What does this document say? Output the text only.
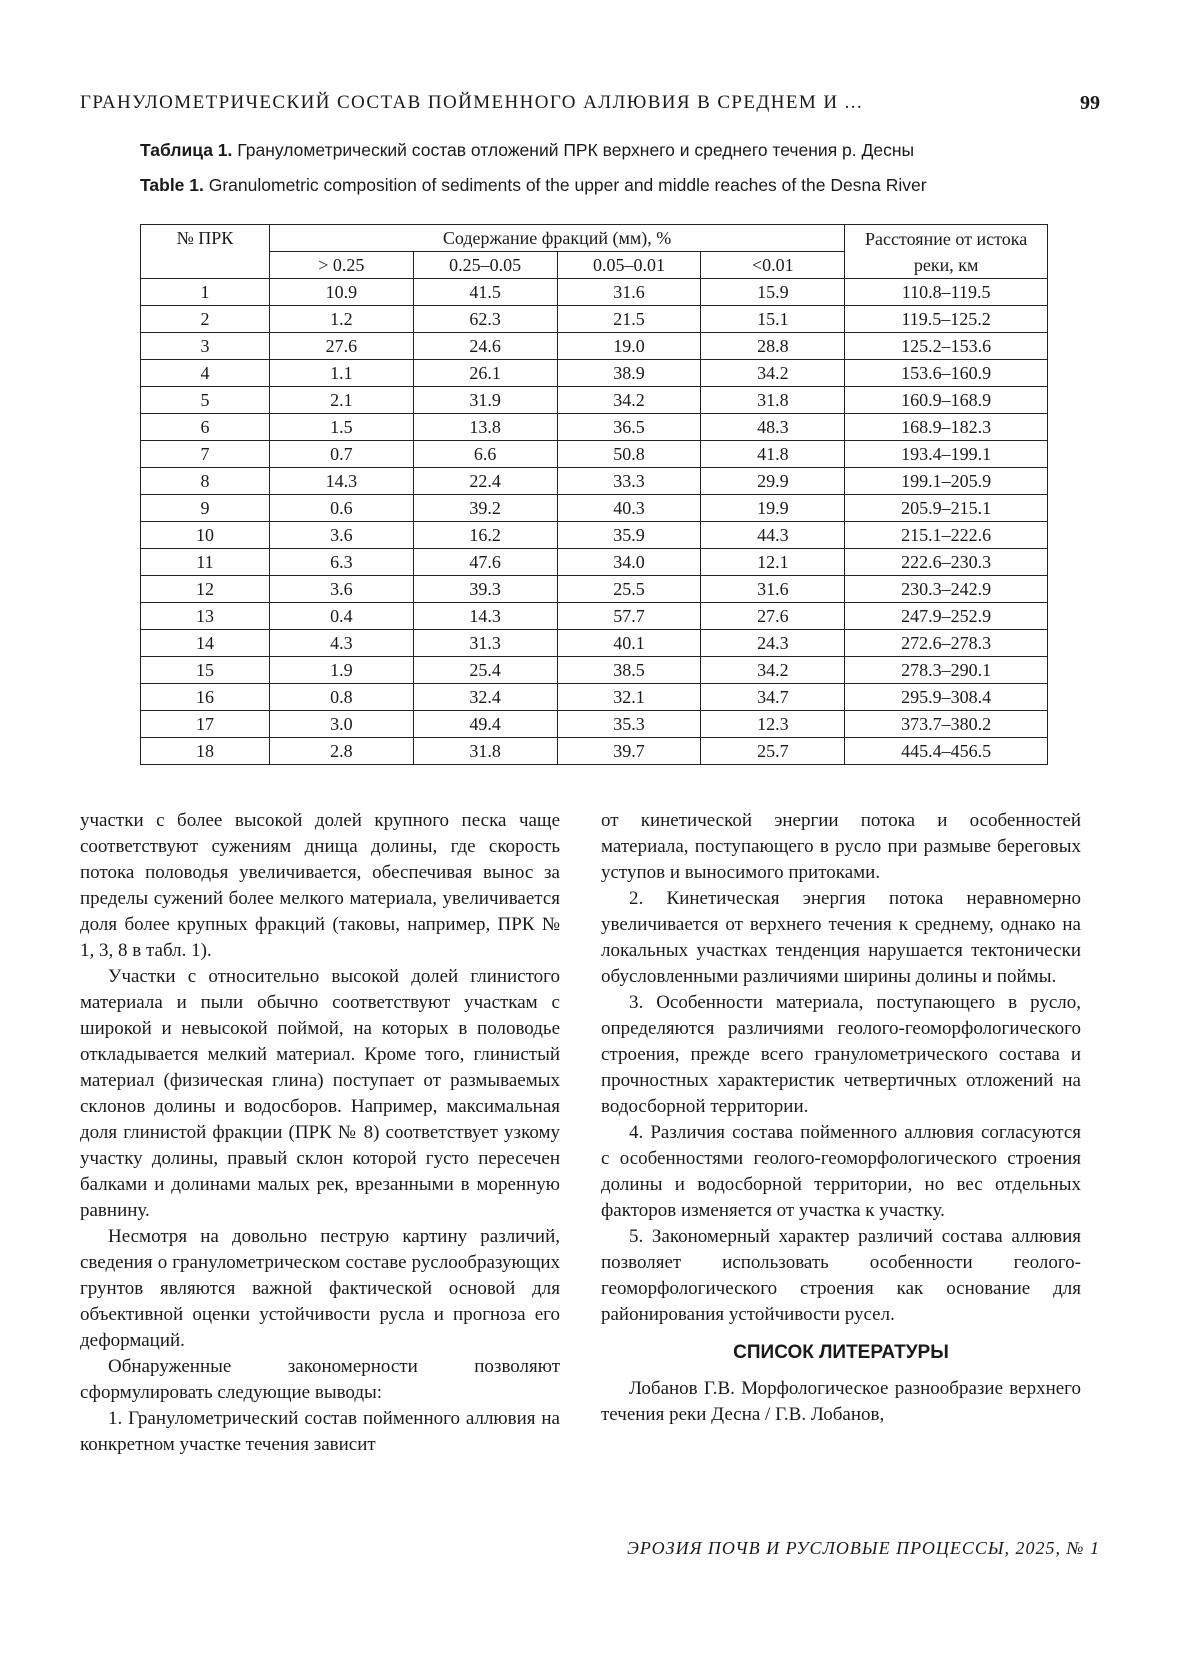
ГРАНУЛОМЕТРИЧЕСКИЙ СОСТАВ ПОЙМЕННОГО АЛЛЮВИЯ В СРЕДНЕМ И ...	99
Таблица 1. Гранулометрический состав отложений ПРК верхнего и среднего течения р. Десны
Table 1. Granulometric composition of sediments of the upper and middle reaches of the Desna River
№ ПРК	Содержание фракций (мм), %				Расстояние от истока реки, км
	> 0.25	0.25–0.05	0.05–0.01	<0.01	
1	10.9	41.5	31.6	15.9	110.8–119.5
2	1.2	62.3	21.5	15.1	119.5–125.2
3	27.6	24.6	19.0	28.8	125.2–153.6
4	1.1	26.1	38.9	34.2	153.6–160.9
5	2.1	31.9	34.2	31.8	160.9–168.9
6	1.5	13.8	36.5	48.3	168.9–182.3
7	0.7	6.6	50.8	41.8	193.4–199.1
8	14.3	22.4	33.3	29.9	199.1–205.9
9	0.6	39.2	40.3	19.9	205.9–215.1
10	3.6	16.2	35.9	44.3	215.1–222.6
11	6.3	47.6	34.0	12.1	222.6–230.3
12	3.6	39.3	25.5	31.6	230.3–242.9
13	0.4	14.3	57.7	27.6	247.9–252.9
14	4.3	31.3	40.1	24.3	272.6–278.3
15	1.9	25.4	38.5	34.2	278.3–290.1
16	0.8	32.4	32.1	34.7	295.9–308.4
17	3.0	49.4	35.3	12.3	373.7–380.2
18	2.8	31.8	39.7	25.7	445.4–456.5

участки с более высокой долей крупного песка чаще соответствуют сужениям днища долины, где скорость потока половодья увеличивается, обеспечивая вынос за пределы сужений более мелкого материала, увеличивается доля более крупных фракций (таковы, например, ПРК № 1, 3, 8 в табл. 1).

Участки с относительно высокой долей глинистого материала и пыли обычно соответствуют участкам с широкой и невысокой поймой, на которых в половодье откладывается мелкий материал. Кроме того, глинистый материал (физическая глина) поступает от размываемых склонов долины и водосборов. Например, максимальная доля глинистой фракции (ПРК № 8) соответствует узкому участку долины, правый склон которой густо пересечен балками и долинами малых рек, врезанными в моренную равнину.

Несмотря на довольно пеструю картину различий, сведения о гранулометрическом составе руслообразующих грунтов являются важной фактической основой для объективной оценки устойчивости русла и прогноза его деформаций.

Обнаруженные закономерности позволяют сформулировать следующие выводы:

1. Гранулометрический состав пойменного аллювия на конкретном участке течения зависит

от кинетической энергии потока и особенностей материала, поступающего в русло при размыве береговых уступов и выносимого притоками.

2. Кинетическая энергия потока неравномерно увеличивается от верхнего течения к среднему, однако на локальных участках тенденция нарушается тектонически обусловленными различиями ширины долины и поймы.

3. Особенности материала, поступающего в русло, определяются различиями геолого-геоморфологического строения, прежде всего гранулометрического состава и прочностных характеристик четвертичных отложений на водосборной территории.

4. Различия состава пойменного аллювия согласуются с особенностями геолого-геоморфологического строения долины и водосборной территории, но вес отдельных факторов изменяется от участка к участку.

5. Закономерный характер различий состава аллювия позволяет использовать особенности геолого-геоморфологического строения как основание для районирования устойчивости русел.

СПИСОК ЛИТЕРАТУРЫ

Лобанов Г.В. Морфологическое разнообразие верхнего течения реки Десна / Г.В. Лобанов,

ЭРОЗИЯ ПОЧВ И РУСЛОВЫЕ ПРОЦЕССЫ, 2025, № 1
